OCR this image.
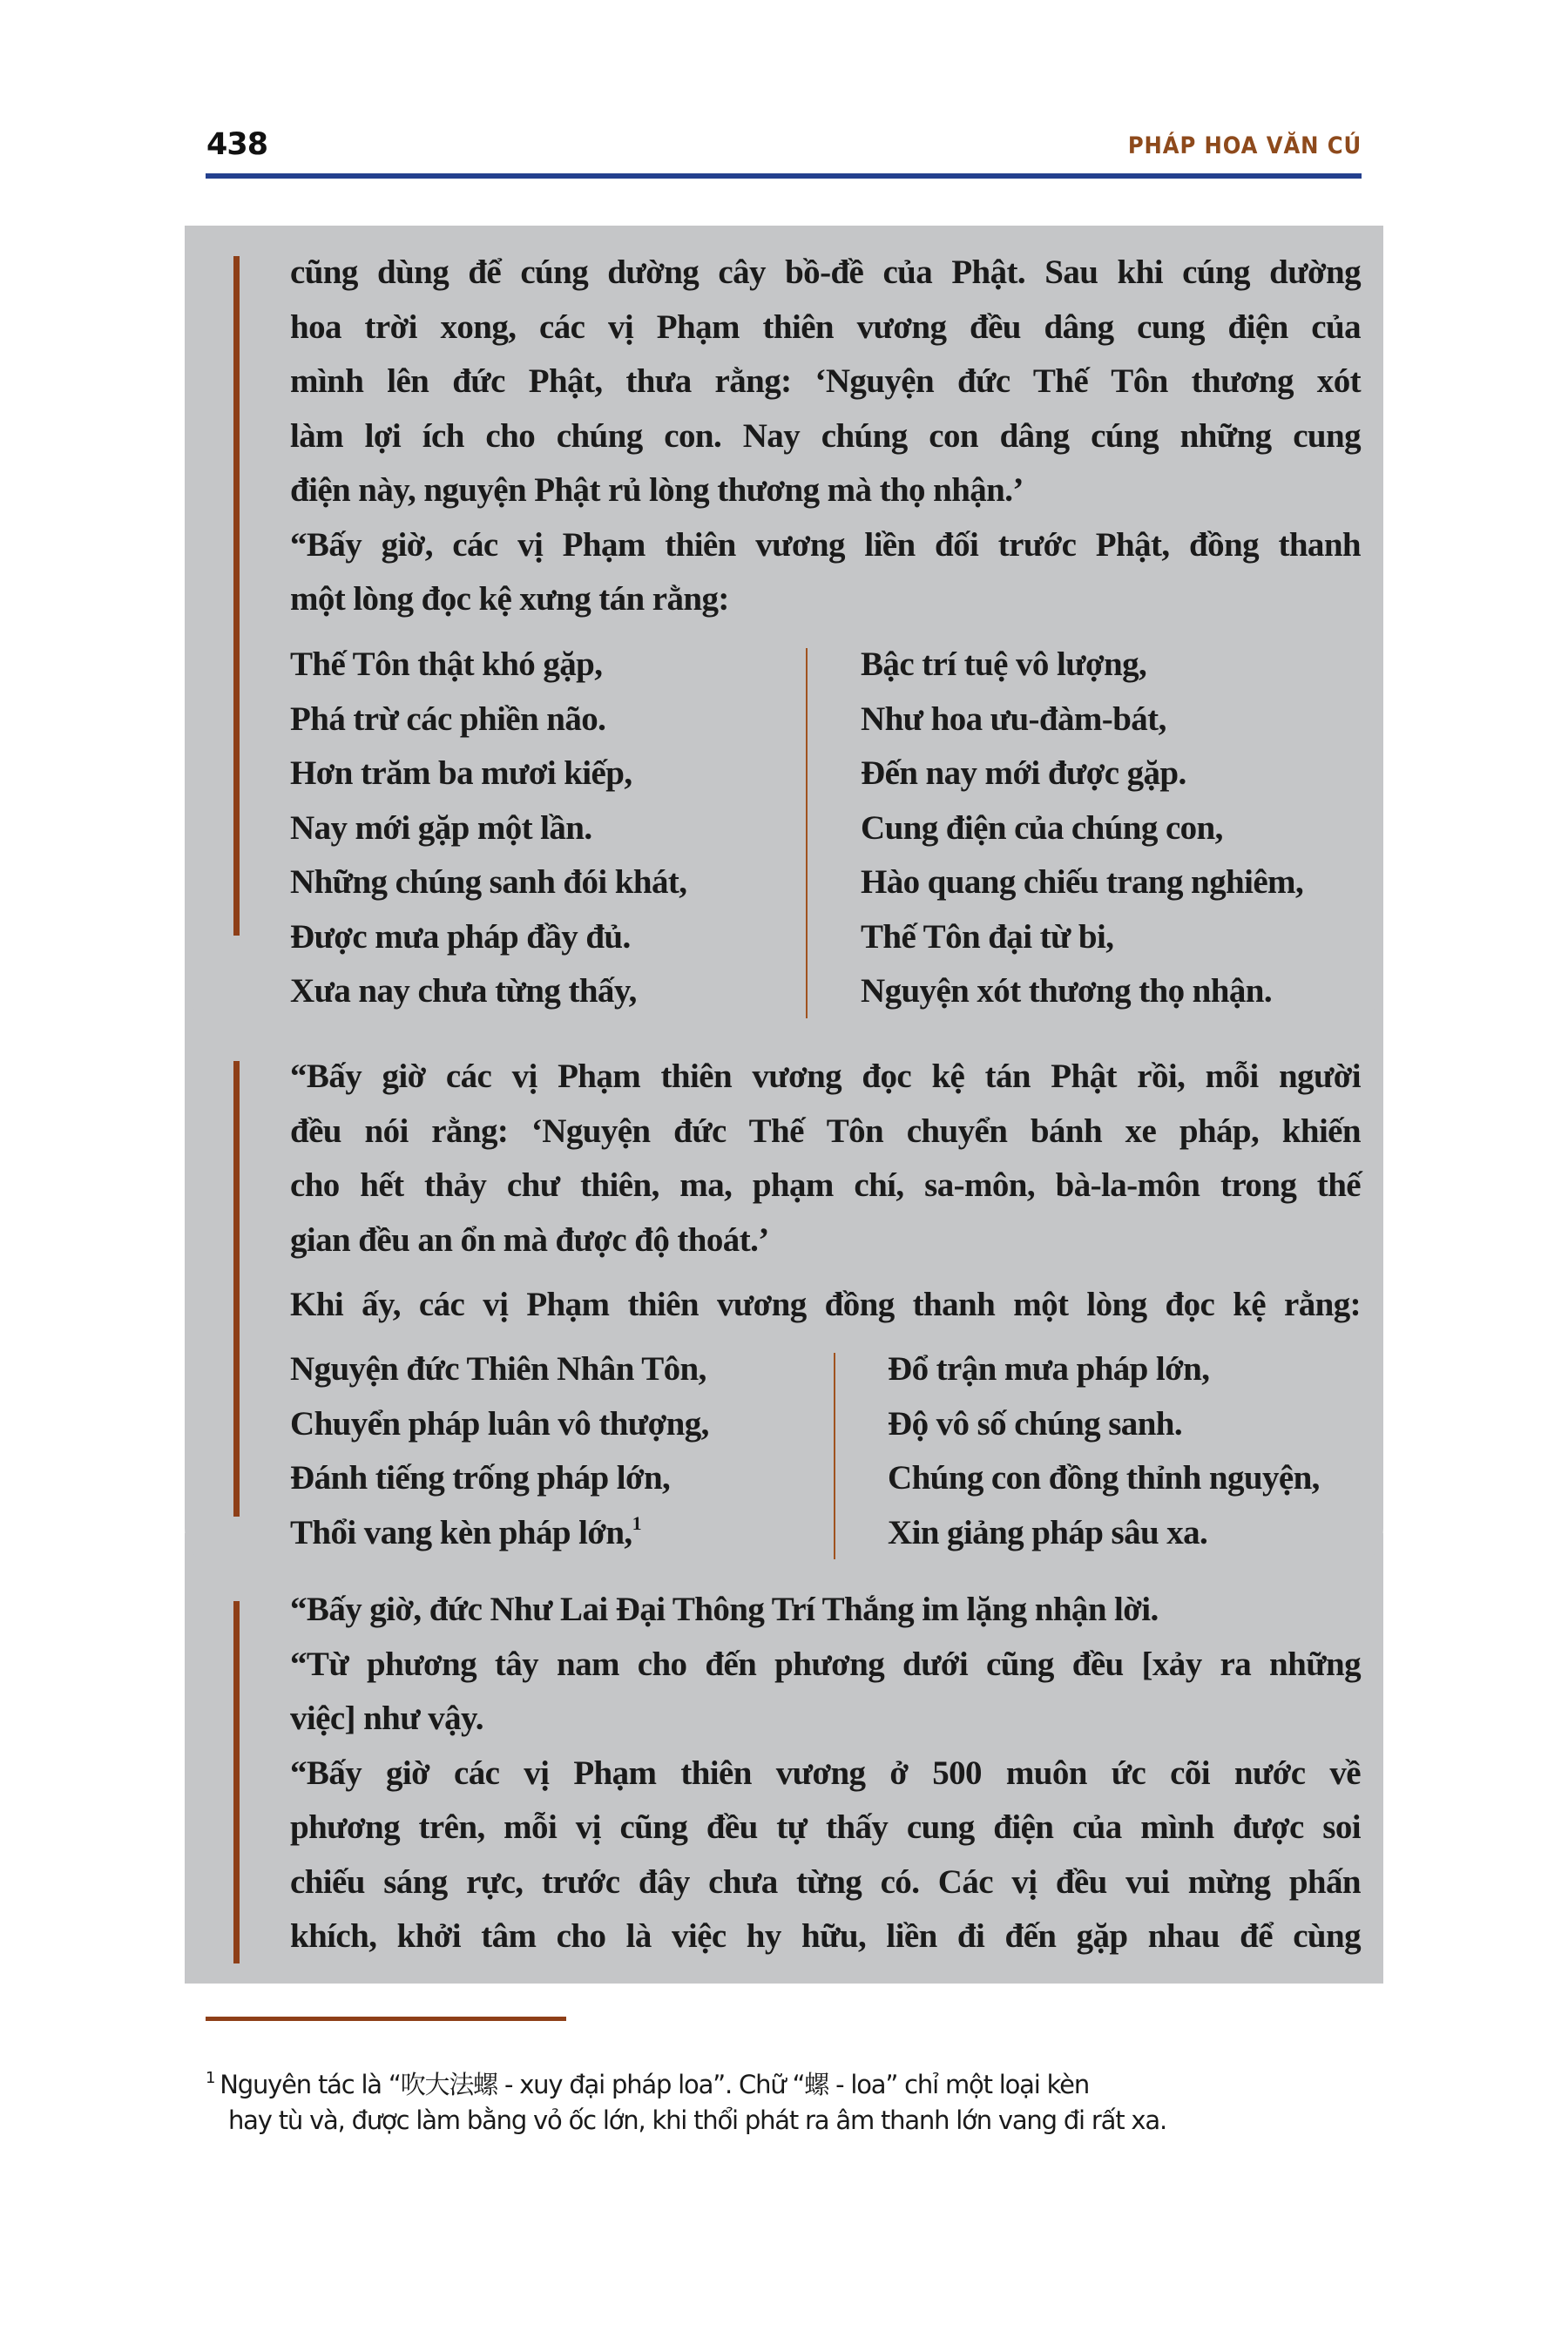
438	PHÁP HOA VĂN CÚ
cũng dùng để cúng dường cây bồ-đề của Phật. Sau khi cúng dường
hoa trời xong, các vị Phạm thiên vương đều dâng cung điện của
mình lên đức Phật, thưa rằng: ‘Nguyện đức Thế Tôn thương xót
làm lợi ích cho chúng con. Nay chúng con dâng cúng những cung
điện này, nguyện Phật rủ lòng thương mà thọ nhận.’
“Bấy giờ, các vị Phạm thiên vương liền đối trước Phật, đồng thanh
một lòng đọc kệ xưng tán rằng:
Thế Tôn thật khó gặp,
Phá trừ các phiền não.
Hơn trăm ba mươi kiếp,
Nay mới gặp một lần.
Những chúng sanh đói khát,
Được mưa pháp đầy đủ.
Xưa nay chưa từng thấy,
Bậc trí tuệ vô lượng,
Như hoa ưu-đàm-bát,
Đến nay mới được gặp.
Cung điện của chúng con,
Hào quang chiếu trang nghiêm,
Thế Tôn đại từ bi,
Nguyện xót thương thọ nhận.
“Bấy giờ các vị Phạm thiên vương đọc kệ tán Phật rồi, mỗi người
đều nói rằng: ‘Nguyện đức Thế Tôn chuyển bánh xe pháp, khiến
cho hết thảy chư thiên, ma, phạm chí, sa-môn, bà-la-môn trong thế
gian đều an ổn mà được độ thoát.’
Khi ấy, các vị Phạm thiên vương đồng thanh một lòng đọc kệ rằng:
Nguyện đức Thiên Nhân Tôn,
Chuyển pháp luân vô thượng,
Đánh tiếng trống pháp lớn,
Thổi vang kèn pháp lớn,$^1$
Đổ trận mưa pháp lớn,
Độ vô số chúng sanh.
Chúng con đồng thỉnh nguyện,
Xin giảng pháp sâu xa.
“Bấy giờ, đức Như Lai Đại Thông Trí Thắng im lặng nhận lời.
“Từ phương tây nam cho đến phương dưới cũng đều [xảy ra những
việc] như vậy.
“Bấy giờ các vị Phạm thiên vương ở 500 muôn ức cõi nước về
phương trên, mỗi vị cũng đều tự thấy cung điện của mình được soi
chiếu sáng rực, trước đây chưa từng có. Các vị đều vui mừng phấn
khích, khởi tâm cho là việc hy hữu, liền đi đến gặp nhau để cùng
$^1$ Nguyên tác là “吹大法螺 - xuy đại pháp loa”. Chữ “螺 - loa” chỉ một loại kèn
hay tù và, được làm bằng vỏ ốc lớn, khi thổi phát ra âm thanh lớn vang đi rất xa.
